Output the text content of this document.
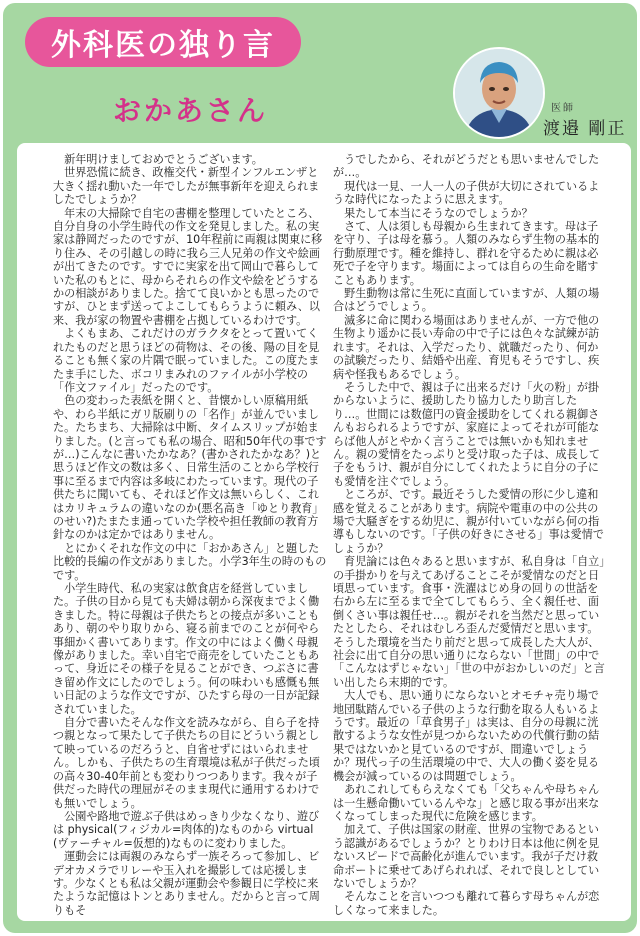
外科医の独り言
おかあさん	医師
渡邉 剛正

新年明けましておめでとうございます。

世界恐慌に続き、政権交代・新型インフルエンザと大きく揺れ動いた一年でしたが無事新年を迎えられましたでしょうか？

年末の大掃除で自宅の書棚を整理していたところ、自分自身の小学生時代の作文を発見しました。私の実家は静岡だったのですが、10年程前に両親は関東に移り住み、その引越しの時に我ら三人兄弟の作文や絵画が出てきたのです。すでに実家を出て岡山で暮らしていた私のもとに、母からそれらの作文や絵をどうするかの相談がありました。捨てて良いかとも思ったのですが、ひとまず送ってよこしてもらうように頼み、以来、我が家の物置や書棚を占拠しているわけです。

よくもまあ、これだけのガラクタをとって置いてくれたものだと思うほどの荷物は、その後、陽の目を見ることも無く家の片隅で眠っていました。この度たまたま手にした、ボコリまみれのファイルが小学校の「作文ファイル」だったのです。

色の変わった表紙を開くと、昔懐かしい原稿用紙や、わら半紙にガリ版刷りの「名作」が並んでいました。たちまち、大掃除は中断、タイムスリップが始まりました。(と言っても私の場合、昭和50年代の事ですが…)こんなに書いたかなあ？(書かされたかなあ？)と思うほど作文の数は多く、日常生活のことから学校行事に至るまで内容は多岐にわたっています。現代の子供たちに聞いても、それほど作文は無いらしく、これはカリキュラムの違いなのか(悪名高き「ゆとり教育」のせい?)たまたま通っていた学校や担任教師の教育方針なのかは定かではありません。

とにかくそれな作文の中に「おかあさん」と題した比較的長編の作文がありました。小学3年生の時のものです。

小学生時代、私の実家は飲食店を経営していました。子供の目から見ても夫婦は朝から深夜までよく働きました。特に母親は子供たちとの接点が多いこともあり、朝のやり取りから、寝る前までのことが何やら事細かく書いてあります。作文の中にはよく働く母親像がありました。幸い自宅で商売をしていたこともあって、身近にその様子を見ることができ、つぶさに書き留め作文にしたのでしょう。何の味わいも感慨も無い日記のような作文ですが、ひたすら母の一日が記録されていました。

自分で書いたそんな作文を読みながら、自ら子を持つ親となって果たして子供たちの目にどういう親として映っているのだろうと、自省せずにはいられません。しかも、子供たちの生育環境は私が子供だった頃の高々30-40年前とも変わりつつあります。我々が子供だった時代の理屈がそのまま現代に通用するわけでも無いでしょう。

公園や路地で遊ぶ子供はめっきり少なくなり、遊びは physical(フィジカル=肉体的)なものから virtual(ヴァーチャル=仮想的)なものに変わりました。

運動会には両親のみならず一族そろって参加し、ビデオカメラでリレーや玉入れを撮影しては応援します。少なくとも私は父親が運動会や参観日に学校に来たような記憶はトンとありません。だからと言って周りもそ

うでしたから、それがどうだとも思いませんでしたが…。

現代は一見、一人一人の子供が大切にされているような時代になったように思えます。

果たして本当にそうなのでしょうか？

さて、人は須しも母親から生まれてきます。母は子を守り、子は母を慕う。人類のみならず生物の基本的行動原理です。種を維持し、群れを守るために親は必死で子を守ります。場面によっては自らの生命を賭すこともあります。

野生動物は常に生死に直面していますが、人類の場合はどうでしょう。

滅多に命に関わる場面はありませんが、一方で他の生物より遥かに長い寿命の中で子には色々な試練が訪れます。それは、入学だったり、就職だったり、何かの試験だったり、結婚や出産、育児もそうですし、疾病や怪我もあるでしょう。

そうした中で、親は子に出来るだけ「火の粉」が掛からないように、援助したり協力したり助言したり…。世間には数億円の資金援助をしてくれる親御さんもおられるようですが、家庭によってそれが可能ならば他人がとやかく言うことでは無いかも知れません。親の愛情をたっぷりと受け取った子は、成長して子をもうけ、親が自分にしてくれたように自分の子にも愛情を注ぐでしょう。

ところが、です。最近そうした愛情の形に少し違和感を覚えることがあります。病院や電車の中の公共の場で大騒ぎをする幼児に、親が付いていながら何の指導もしないのです。「子供の好きにさせる」事は愛情でしょうか？

育児論には色々あると思いますが、私自身は「自立」の手掛かりを与えてあげることこそが愛情なのだと日頃思っています。食事・洗濯はじめ身の回りの世話を右から左に至るまで全てしてもらう、全く親任せ、面倒くさい事は親任せ…。親がそれを当然だと思っていたとしたら、それはむしろ歪んだ愛情だと思います。そうした環境を当たり前だと思って成長した大人が、社会に出て自分の思い通りにならない「世間」の中で「こんなはずじゃない」「世の中がおかしいのだ」と言い出したら末期的です。

大人でも、思い通りにならないとオモチャ売り場で地団駄踏んでいる子供のような行動を取る人もいるようです。最近の「草食男子」は実は、自分の母親に洸散するような女性が見つからないための代償行動の結果ではないかと見ているのですが、間違いでしょうか？現代っ子の生活環境の中で、大人の働く姿を見る機会が減っているのは問題でしょう。

あれこれしてもらえなくても「父ちゃんや母ちゃんは一生懸命働いているんやな」と感じ取る事が出来なくなってしまった現代に危険を感じます。

加えて、子供は国家の財産、世界の宝物であるという認識があるでしょうか？とりわけ日本は他に例を見ないスピードで高齢化が進んでいます。我が子だけ救命ボートに乗せてあげられれば、それで良しとしていないでしょうか？

そんなことを言いつつも離れて暮らす母ちゃんが恋しくなって来ました。
